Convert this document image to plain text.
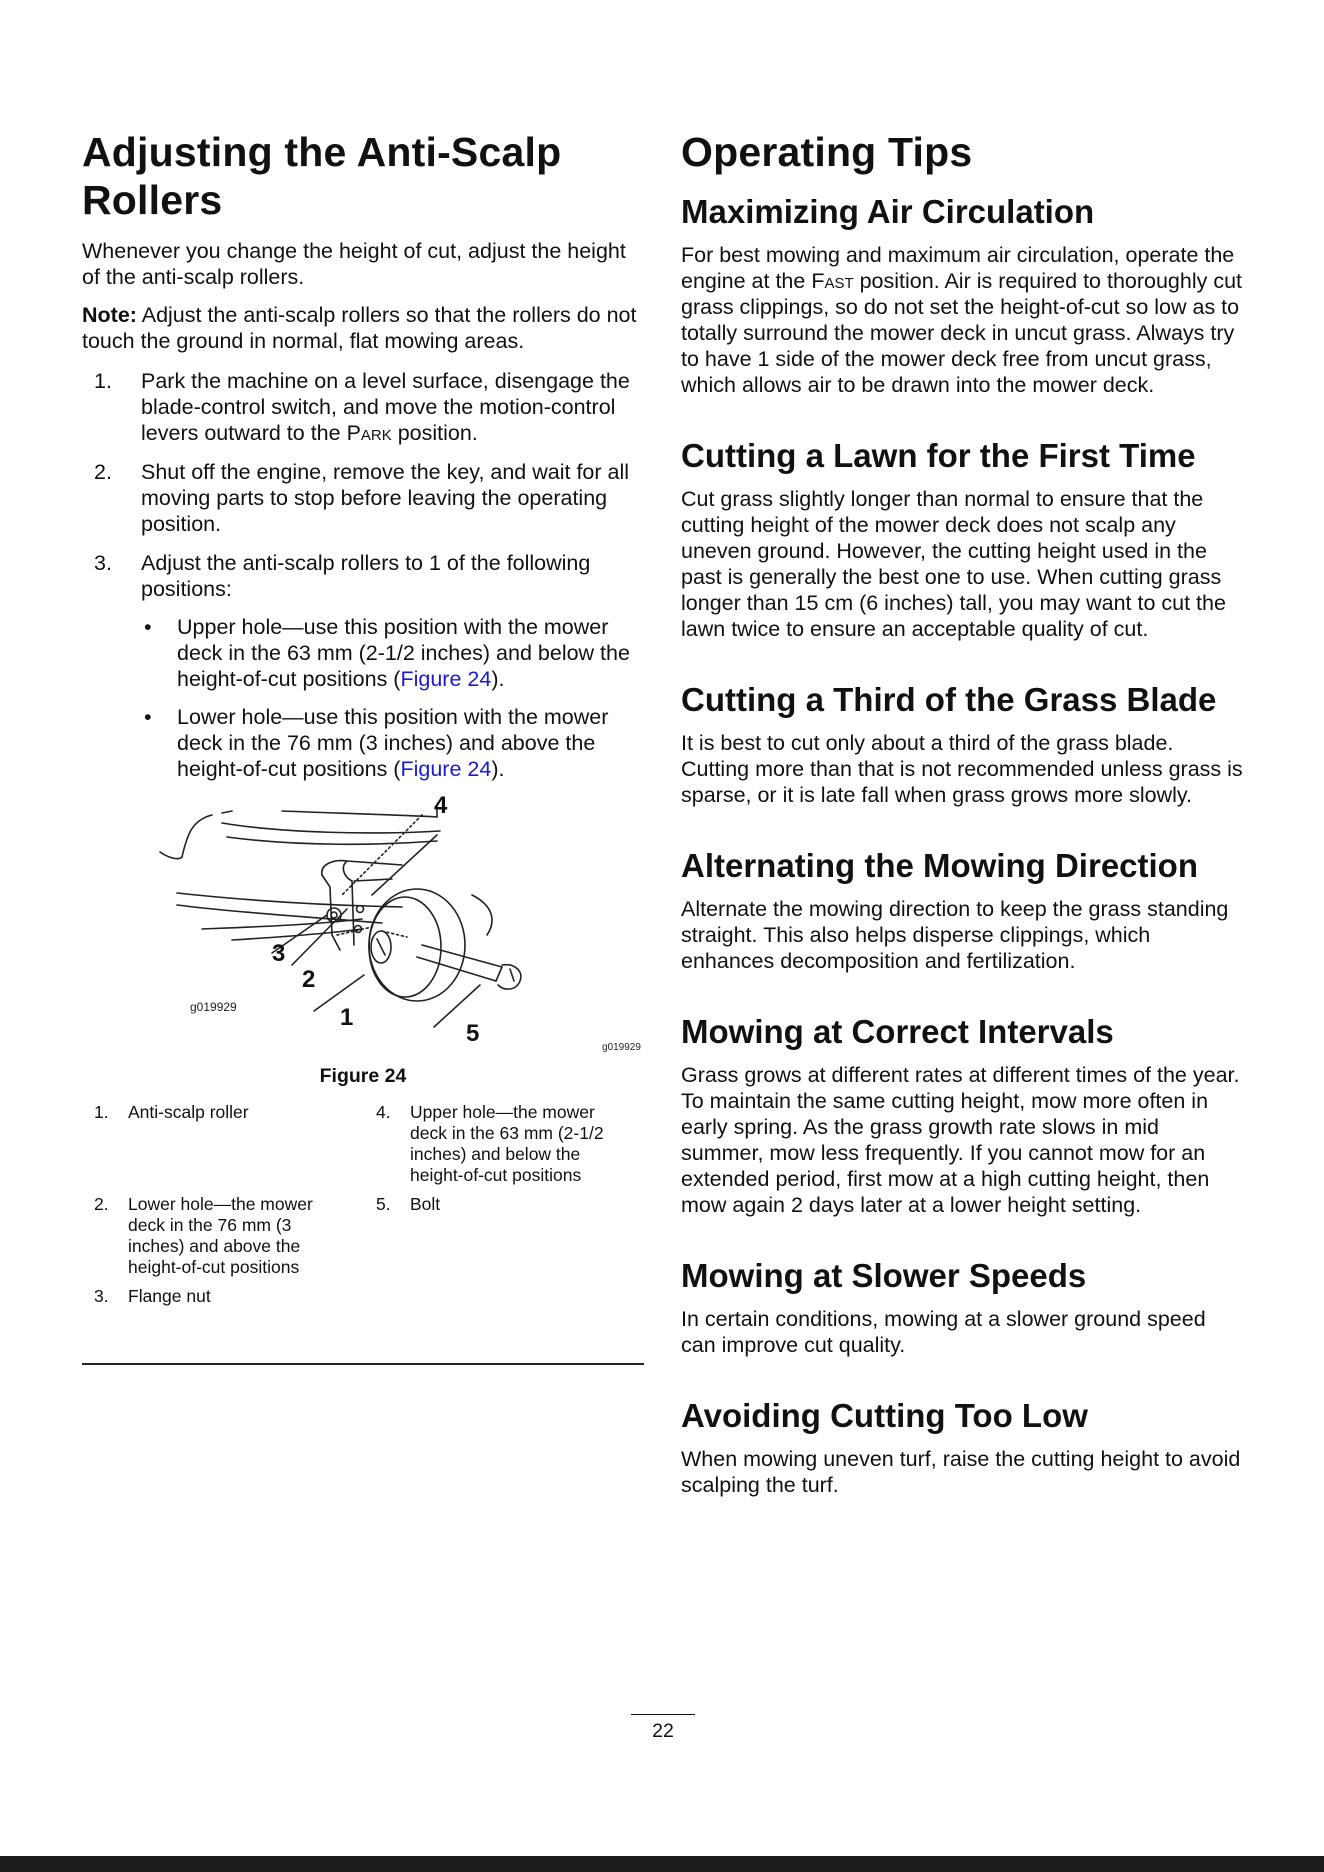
Adjusting the Anti-Scalp Rollers

Whenever you change the height of cut, adjust the height of the anti-scalp rollers.

Note: Adjust the anti-scalp rollers so that the rollers do not touch the ground in normal, flat mowing areas.

1. Park the machine on a level surface, disengage the blade-control switch, and move the motion-control levers outward to the Park position.
2. Shut off the engine, remove the key, and wait for all moving parts to stop before leaving the operating position.
3. Adjust the anti-scalp rollers to 1 of the following positions:
• Upper hole—use this position with the mower deck in the 63 mm (2-1/2 inches) and below the height-of-cut positions (Figure 24).
• Lower hole—use this position with the mower deck in the 76 mm (3 inches) and above the height-of-cut positions (Figure 24).
4
3
2
1
5
g019929
g019929
Figure 24
1.	Anti-scalp roller
2.	Lower hole—the mower deck in the 76 mm (3 inches) and above the height-of-cut positions
3.	Flange nut
4.	Upper hole—the mower deck in the 63 mm (2-1/2 inches) and below the height-of-cut positions
5.	Bolt
Operating Tips
Maximizing Air Circulation

For best mowing and maximum air circulation, operate the engine at the Fast position. Air is required to thoroughly cut grass clippings, so do not set the height-of-cut so low as to totally surround the mower deck in uncut grass. Always try to have 1 side of the mower deck free from uncut grass, which allows air to be drawn into the mower deck.

Cutting a Lawn for the First Time

Cut grass slightly longer than normal to ensure that the cutting height of the mower deck does not scalp any uneven ground. However, the cutting height used in the past is generally the best one to use. When cutting grass longer than 15 cm (6 inches) tall, you may want to cut the lawn twice to ensure an acceptable quality of cut.

Cutting a Third of the Grass Blade

It is best to cut only about a third of the grass blade. Cutting more than that is not recommended unless grass is sparse, or it is late fall when grass grows more slowly.

Alternating the Mowing Direction

Alternate the mowing direction to keep the grass standing straight. This also helps disperse clippings, which enhances decomposition and fertilization.

Mowing at Correct Intervals

Grass grows at different rates at different times of the year. To maintain the same cutting height, mow more often in early spring. As the grass growth rate slows in mid summer, mow less frequently. If you cannot mow for an extended period, first mow at a high cutting height, then mow again 2 days later at a lower height setting.

Mowing at Slower Speeds

In certain conditions, mowing at a slower ground speed can improve cut quality.

Avoiding Cutting Too Low

When mowing uneven turf, raise the cutting height to avoid scalping the turf.

22
